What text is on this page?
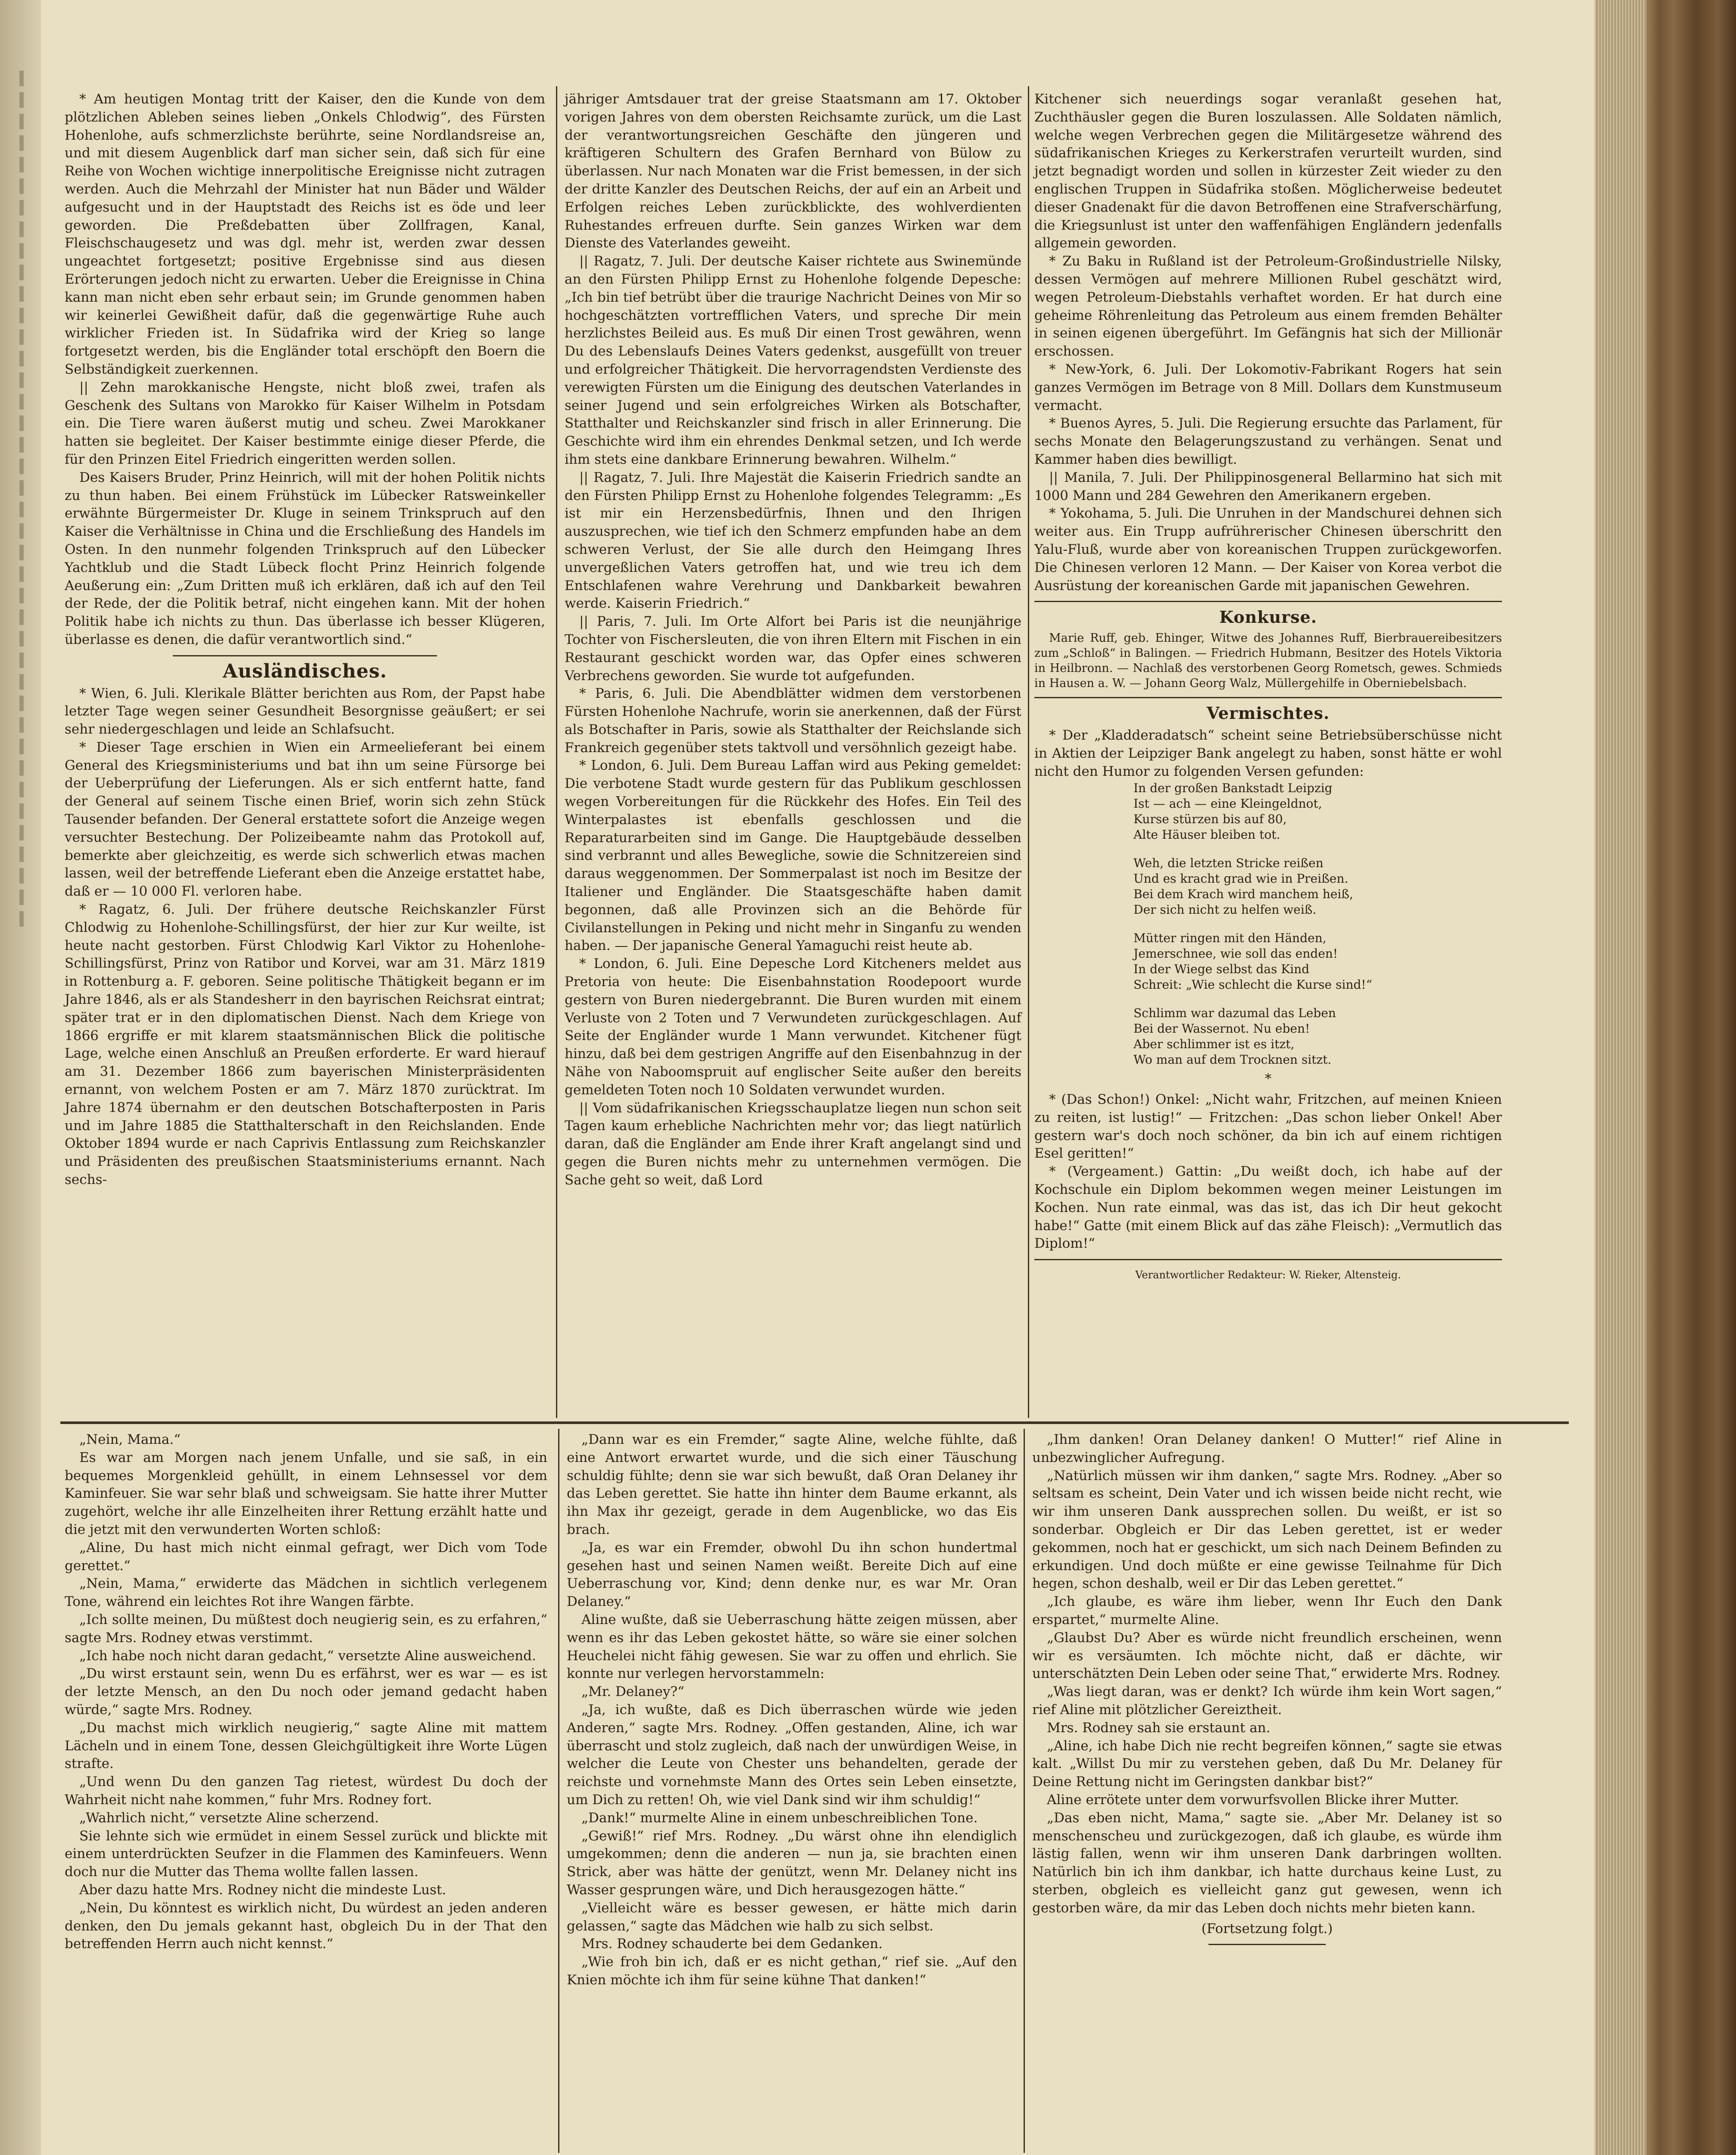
* Am heutigen Montag tritt der Kaiser, den die Kunde von dem plötzlichen Ableben seines lieben „Onkels Chlodwig“, des Fürsten Hohenlohe, aufs schmerzlichste berührte, seine Nordlandsreise an, und mit diesem Augenblick darf man sicher sein, daß sich für eine Reihe von Wochen wichtige innerpolitische Ereignisse nicht zutragen werden. Auch die Mehrzahl der Minister hat nun Bäder und Wälder aufgesucht und in der Hauptstadt des Reichs ist es öde und leer geworden. Die Preßdebatten über Zollfragen, Kanal, Fleischschaugesetz und was dgl. mehr ist, werden zwar dessen ungeachtet fortgesetzt; positive Ergebnisse sind aus diesen Erörterungen jedoch nicht zu erwarten. Ueber die Ereignisse in China kann man nicht eben sehr erbaut sein; im Grunde genommen haben wir keinerlei Gewißheit dafür, daß die gegenwärtige Ruhe auch wirklicher Frieden ist. In Südafrika wird der Krieg so lange fortgesetzt werden, bis die Engländer total erschöpft den Boern die Selbständigkeit zuerkennen.

|| Zehn marokkanische Hengste, nicht bloß zwei, trafen als Geschenk des Sultans von Marokko für Kaiser Wilhelm in Potsdam ein. Die Tiere waren äußerst mutig und scheu. Zwei Marokkaner hatten sie begleitet. Der Kaiser bestimmte einige dieser Pferde, die für den Prinzen Eitel Friedrich eingeritten werden sollen.

Des Kaisers Bruder, Prinz Heinrich, will mit der hohen Politik nichts zu thun haben. Bei einem Frühstück im Lübecker Ratsweinkeller erwähnte Bürgermeister Dr. Kluge in seinem Trinkspruch auf den Kaiser die Verhältnisse in China und die Erschließung des Handels im Osten. In den nunmehr folgenden Trinkspruch auf den Lübecker Yachtklub und die Stadt Lübeck flocht Prinz Heinrich folgende Aeußerung ein: „Zum Dritten muß ich erklären, daß ich auf den Teil der Rede, der die Politik betraf, nicht eingehen kann. Mit der hohen Politik habe ich nichts zu thun. Das überlasse ich besser Klügeren, überlasse es denen, die dafür verantwortlich sind.“

Ausländisches.

* Wien, 6. Juli. Klerikale Blätter berichten aus Rom, der Papst habe letzter Tage wegen seiner Gesundheit Besorgnisse geäußert; er sei sehr niedergeschlagen und leide an Schlafsucht.

* Dieser Tage erschien in Wien ein Armeelieferant bei einem General des Kriegsministeriums und bat ihn um seine Fürsorge bei der Ueberprüfung der Lieferungen. Als er sich entfernt hatte, fand der General auf seinem Tische einen Brief, worin sich zehn Stück Tausender befanden. Der General erstattete sofort die Anzeige wegen versuchter Bestechung. Der Polizeibeamte nahm das Protokoll auf, bemerkte aber gleichzeitig, es werde sich schwerlich etwas machen lassen, weil der betreffende Lieferant eben die Anzeige erstattet habe, daß er — 10 000 Fl. verloren habe.

* Ragatz, 6. Juli. Der frühere deutsche Reichskanzler Fürst Chlodwig zu Hohenlohe-Schillingsfürst, der hier zur Kur weilte, ist heute nacht gestorben. Fürst Chlodwig Karl Viktor zu Hohenlohe-Schillingsfürst, Prinz von Ratibor und Korvei, war am 31. März 1819 in Rottenburg a. F. geboren. Seine politische Thätigkeit begann er im Jahre 1846, als er als Standesherr in den bayrischen Reichsrat eintrat; später trat er in den diplomatischen Dienst. Nach dem Kriege von 1866 ergriffe er mit klarem staatsmännischen Blick die politische Lage, welche einen Anschluß an Preußen erforderte. Er ward hierauf am 31. Dezember 1866 zum bayerischen Ministerpräsidenten ernannt, von welchem Posten er am 7. März 1870 zurücktrat. Im Jahre 1874 übernahm er den deutschen Botschafterposten in Paris und im Jahre 1885 die Statthalterschaft in den Reichslanden. Ende Oktober 1894 wurde er nach Caprivis Entlassung zum Reichskanzler und Präsidenten des preußischen Staatsministeriums ernannt. Nach sechs-

jähriger Amtsdauer trat der greise Staatsmann am 17. Oktober vorigen Jahres von dem obersten Reichsamte zurück, um die Last der verantwortungsreichen Geschäfte den jüngeren und kräftigeren Schultern des Grafen Bernhard von Bülow zu überlassen. Nur nach Monaten war die Frist bemessen, in der sich der dritte Kanzler des Deutschen Reichs, der auf ein an Arbeit und Erfolgen reiches Leben zurückblickte, des wohlverdienten Ruhestandes erfreuen durfte. Sein ganzes Wirken war dem Dienste des Vaterlandes geweiht.

|| Ragatz, 7. Juli. Der deutsche Kaiser richtete aus Swinemünde an den Fürsten Philipp Ernst zu Hohenlohe folgende Depesche: „Ich bin tief betrübt über die traurige Nachricht Deines von Mir so hochgeschätzten vortrefflichen Vaters, und spreche Dir mein herzlichstes Beileid aus. Es muß Dir einen Trost gewähren, wenn Du des Lebenslaufs Deines Vaters gedenkst, ausgefüllt von treuer und erfolgreicher Thätigkeit. Die hervorragendsten Verdienste des verewigten Fürsten um die Einigung des deutschen Vaterlandes in seiner Jugend und sein erfolgreiches Wirken als Botschafter, Statthalter und Reichskanzler sind frisch in aller Erinnerung. Die Geschichte wird ihm ein ehrendes Denkmal setzen, und Ich werde ihm stets eine dankbare Erinnerung bewahren. Wilhelm.“

|| Ragatz, 7. Juli. Ihre Majestät die Kaiserin Friedrich sandte an den Fürsten Philipp Ernst zu Hohenlohe folgendes Telegramm: „Es ist mir ein Herzensbedürfnis, Ihnen und den Ihrigen auszusprechen, wie tief ich den Schmerz empfunden habe an dem schweren Verlust, der Sie alle durch den Heimgang Ihres unvergeßlichen Vaters getroffen hat, und wie treu ich dem Entschlafenen wahre Verehrung und Dankbarkeit bewahren werde. Kaiserin Friedrich.“

|| Paris, 7. Juli. Im Orte Alfort bei Paris ist die neunjährige Tochter von Fischersleuten, die von ihren Eltern mit Fischen in ein Restaurant geschickt worden war, das Opfer eines schweren Verbrechens geworden. Sie wurde tot aufgefunden.

* Paris, 6. Juli. Die Abendblätter widmen dem verstorbenen Fürsten Hohenlohe Nachrufe, worin sie anerkennen, daß der Fürst als Botschafter in Paris, sowie als Statthalter der Reichslande sich Frankreich gegenüber stets taktvoll und versöhnlich gezeigt habe.

* London, 6. Juli. Dem Bureau Laffan wird aus Peking gemeldet: Die verbotene Stadt wurde gestern für das Publikum geschlossen wegen Vorbereitungen für die Rückkehr des Hofes. Ein Teil des Winterpalastes ist ebenfalls geschlossen und die Reparaturarbeiten sind im Gange. Die Hauptgebäude desselben sind verbrannt und alles Bewegliche, sowie die Schnitzereien sind daraus weggenommen. Der Sommerpalast ist noch im Besitze der Italiener und Engländer. Die Staatsgeschäfte haben damit begonnen, daß alle Provinzen sich an die Behörde für Civilanstellungen in Peking und nicht mehr in Singanfu zu wenden haben. — Der japanische General Yamaguchi reist heute ab.

* London, 6. Juli. Eine Depesche Lord Kitcheners meldet aus Pretoria von heute: Die Eisenbahnstation Roodepoort wurde gestern von Buren niedergebrannt. Die Buren wurden mit einem Verluste von 2 Toten und 7 Verwundeten zurückgeschlagen. Auf Seite der Engländer wurde 1 Mann verwundet. Kitchener fügt hinzu, daß bei dem gestrigen Angriffe auf den Eisenbahnzug in der Nähe von Naboomspruit auf englischer Seite außer den bereits gemeldeten Toten noch 10 Soldaten verwundet wurden.

|| Vom südafrikanischen Kriegsschauplatze liegen nun schon seit Tagen kaum erhebliche Nachrichten mehr vor; das liegt natürlich daran, daß die Engländer am Ende ihrer Kraft angelangt sind und gegen die Buren nichts mehr zu unternehmen vermögen. Die Sache geht so weit, daß Lord

Kitchener sich neuerdings sogar veranlaßt gesehen hat, Zuchthäusler gegen die Buren loszulassen. Alle Soldaten nämlich, welche wegen Verbrechen gegen die Militärgesetze während des südafrikanischen Krieges zu Kerkerstrafen verurteilt wurden, sind jetzt begnadigt worden und sollen in kürzester Zeit wieder zu den englischen Truppen in Südafrika stoßen. Möglicherweise bedeutet dieser Gnadenakt für die davon Betroffenen eine Strafverschärfung, die Kriegsunlust ist unter den waffenfähigen Engländern jedenfalls allgemein geworden.

* Zu Baku in Rußland ist der Petroleum-Großindustrielle Nilsky, dessen Vermögen auf mehrere Millionen Rubel geschätzt wird, wegen Petroleum-Diebstahls verhaftet worden. Er hat durch eine geheime Röhrenleitung das Petroleum aus einem fremden Behälter in seinen eigenen übergeführt. Im Gefängnis hat sich der Millionär erschossen.

* New-York, 6. Juli. Der Lokomotiv-Fabrikant Rogers hat sein ganzes Vermögen im Betrage von 8 Mill. Dollars dem Kunstmuseum vermacht.

* Buenos Ayres, 5. Juli. Die Regierung ersuchte das Parlament, für sechs Monate den Belagerungszustand zu verhängen. Senat und Kammer haben dies bewilligt.

|| Manila, 7. Juli. Der Philippinosgeneral Bellarmino hat sich mit 1000 Mann und 284 Gewehren den Amerikanern ergeben.

* Yokohama, 5. Juli. Die Unruhen in der Mandschurei dehnen sich weiter aus. Ein Trupp aufrührerischer Chinesen überschritt den Yalu-Fluß, wurde aber von koreanischen Truppen zurückgeworfen. Die Chinesen verloren 12 Mann. — Der Kaiser von Korea verbot die Ausrüstung der koreanischen Garde mit japanischen Gewehren.

Konkurse.

Marie Ruff, geb. Ehinger, Witwe des Johannes Ruff, Bierbrauereibesitzers zum „Schloß“ in Balingen. — Friedrich Hubmann, Besitzer des Hotels Viktoria in Heilbronn. — Nachlaß des verstorbenen Georg Rometsch, gewes. Schmieds in Hausen a. W. — Johann Georg Walz, Müllergehilfe in Oberniebelsbach.

Vermischtes.

* Der „Kladderadatsch“ scheint seine Betriebsüberschüsse nicht in Aktien der Leipziger Bank angelegt zu haben, sonst hätte er wohl nicht den Humor zu folgenden Versen gefunden:

In der großen Bankstadt Leipzig
Ist — ach — eine Kleingeldnot,
Kurse stürzen bis auf 80,
Alte Häuser bleiben tot.
Weh, die letzten Stricke reißen
Und es kracht grad wie in Preißen.
Bei dem Krach wird manchem heiß,
Der sich nicht zu helfen weiß.
Mütter ringen mit den Händen,
Jemerschnee, wie soll das enden!
In der Wiege selbst das Kind
Schreit: „Wie schlecht die Kurse sind!“
Schlimm war dazumal das Leben
Bei der Wassernot. Nu eben!
Aber schlimmer ist es itzt,
Wo man auf dem Trocknen sitzt.
*

* (Das Schon!) Onkel: „Nicht wahr, Fritzchen, auf meinen Knieen zu reiten, ist lustig!“ — Fritzchen: „Das schon lieber Onkel! Aber gestern war's doch noch schöner, da bin ich auf einem richtigen Esel geritten!“

* (Vergeament.) Gattin: „Du weißt doch, ich habe auf der Kochschule ein Diplom bekommen wegen meiner Leistungen im Kochen. Nun rate einmal, was das ist, das ich Dir heut gekocht habe!“ Gatte (mit einem Blick auf das zähe Fleisch): „Vermutlich das Diplom!“

Verantwortlicher Redakteur: W. Rieker, Altensteig.

„Nein, Mama.“

Es war am Morgen nach jenem Unfalle, und sie saß, in ein bequemes Morgenkleid gehüllt, in einem Lehnsessel vor dem Kaminfeuer. Sie war sehr blaß und schweigsam. Sie hatte ihrer Mutter zugehört, welche ihr alle Einzelheiten ihrer Rettung erzählt hatte und die jetzt mit den verwunderten Worten schloß:

„Aline, Du hast mich nicht einmal gefragt, wer Dich vom Tode gerettet.“

„Nein, Mama,“ erwiderte das Mädchen in sichtlich verlegenem Tone, während ein leichtes Rot ihre Wangen färbte.

„Ich sollte meinen, Du müßtest doch neugierig sein, es zu erfahren,“ sagte Mrs. Rodney etwas verstimmt.

„Ich habe noch nicht daran gedacht,“ versetzte Aline ausweichend.

„Du wirst erstaunt sein, wenn Du es erfährst, wer es war — es ist der letzte Mensch, an den Du noch oder jemand gedacht haben würde,“ sagte Mrs. Rodney.

„Du machst mich wirklich neugierig,“ sagte Aline mit mattem Lächeln und in einem Tone, dessen Gleichgültigkeit ihre Worte Lügen strafte.

„Und wenn Du den ganzen Tag rietest, würdest Du doch der Wahrheit nicht nahe kommen,“ fuhr Mrs. Rodney fort.

„Wahrlich nicht,“ versetzte Aline scherzend.

Sie lehnte sich wie ermüdet in einem Sessel zurück und blickte mit einem unterdrückten Seufzer in die Flammen des Kaminfeuers. Wenn doch nur die Mutter das Thema wollte fallen lassen.

Aber dazu hatte Mrs. Rodney nicht die mindeste Lust.

„Nein, Du könntest es wirklich nicht, Du würdest an jeden anderen denken, den Du jemals gekannt hast, obgleich Du in der That den betreffenden Herrn auch nicht kennst.“

„Dann war es ein Fremder,“ sagte Aline, welche fühlte, daß eine Antwort erwartet wurde, und die sich einer Täuschung schuldig fühlte; denn sie war sich bewußt, daß Oran Delaney ihr das Leben gerettet. Sie hatte ihn hinter dem Baume erkannt, als ihn Max ihr gezeigt, gerade in dem Augenblicke, wo das Eis brach.

„Ja, es war ein Fremder, obwohl Du ihn schon hundertmal gesehen hast und seinen Namen weißt. Bereite Dich auf eine Ueberraschung vor, Kind; denn denke nur, es war Mr. Oran Delaney.“

Aline wußte, daß sie Ueberraschung hätte zeigen müssen, aber wenn es ihr das Leben gekostet hätte, so wäre sie einer solchen Heuchelei nicht fähig gewesen. Sie war zu offen und ehrlich. Sie konnte nur verlegen hervorstammeln:

„Mr. Delaney?“

„Ja, ich wußte, daß es Dich überraschen würde wie jeden Anderen,“ sagte Mrs. Rodney. „Offen gestanden, Aline, ich war überrascht und stolz zugleich, daß nach der unwürdigen Weise, in welcher die Leute von Chester uns behandelten, gerade der reichste und vornehmste Mann des Ortes sein Leben einsetzte, um Dich zu retten! Oh, wie viel Dank sind wir ihm schuldig!“

„Dank!“ murmelte Aline in einem unbeschreiblichen Tone.

„Gewiß!“ rief Mrs. Rodney. „Du wärst ohne ihn elendiglich umgekommen; denn die anderen — nun ja, sie brachten einen Strick, aber was hätte der genützt, wenn Mr. Delaney nicht ins Wasser gesprungen wäre, und Dich herausgezogen hätte.“

„Vielleicht wäre es besser gewesen, er hätte mich darin gelassen,“ sagte das Mädchen wie halb zu sich selbst.

Mrs. Rodney schauderte bei dem Gedanken.

„Wie froh bin ich, daß er es nicht gethan,“ rief sie. „Auf den Knien möchte ich ihm für seine kühne That danken!“

„Ihm danken! Oran Delaney danken! O Mutter!“ rief Aline in unbezwinglicher Aufregung.

„Natürlich müssen wir ihm danken,“ sagte Mrs. Rodney. „Aber so seltsam es scheint, Dein Vater und ich wissen beide nicht recht, wie wir ihm unseren Dank aussprechen sollen. Du weißt, er ist so sonderbar. Obgleich er Dir das Leben gerettet, ist er weder gekommen, noch hat er geschickt, um sich nach Deinem Befinden zu erkundigen. Und doch müßte er eine gewisse Teilnahme für Dich hegen, schon deshalb, weil er Dir das Leben gerettet.“

„Ich glaube, es wäre ihm lieber, wenn Ihr Euch den Dank erspartet,“ murmelte Aline.

„Glaubst Du? Aber es würde nicht freundlich erscheinen, wenn wir es versäumten. Ich möchte nicht, daß er dächte, wir unterschätzten Dein Leben oder seine That,“ erwiderte Mrs. Rodney.

„Was liegt daran, was er denkt? Ich würde ihm kein Wort sagen,“ rief Aline mit plötzlicher Gereiztheit.

Mrs. Rodney sah sie erstaunt an.

„Aline, ich habe Dich nie recht begreifen können,“ sagte sie etwas kalt. „Willst Du mir zu verstehen geben, daß Du Mr. Delaney für Deine Rettung nicht im Geringsten dankbar bist?“

Aline errötete unter dem vorwurfsvollen Blicke ihrer Mutter.

„Das eben nicht, Mama,“ sagte sie. „Aber Mr. Delaney ist so menschenscheu und zurückgezogen, daß ich glaube, es würde ihm lästig fallen, wenn wir ihm unseren Dank darbringen wollten. Natürlich bin ich ihm dankbar, ich hatte durchaus keine Lust, zu sterben, obgleich es vielleicht ganz gut gewesen, wenn ich gestorben wäre, da mir das Leben doch nichts mehr bieten kann.

(Fortsetzung folgt.)
